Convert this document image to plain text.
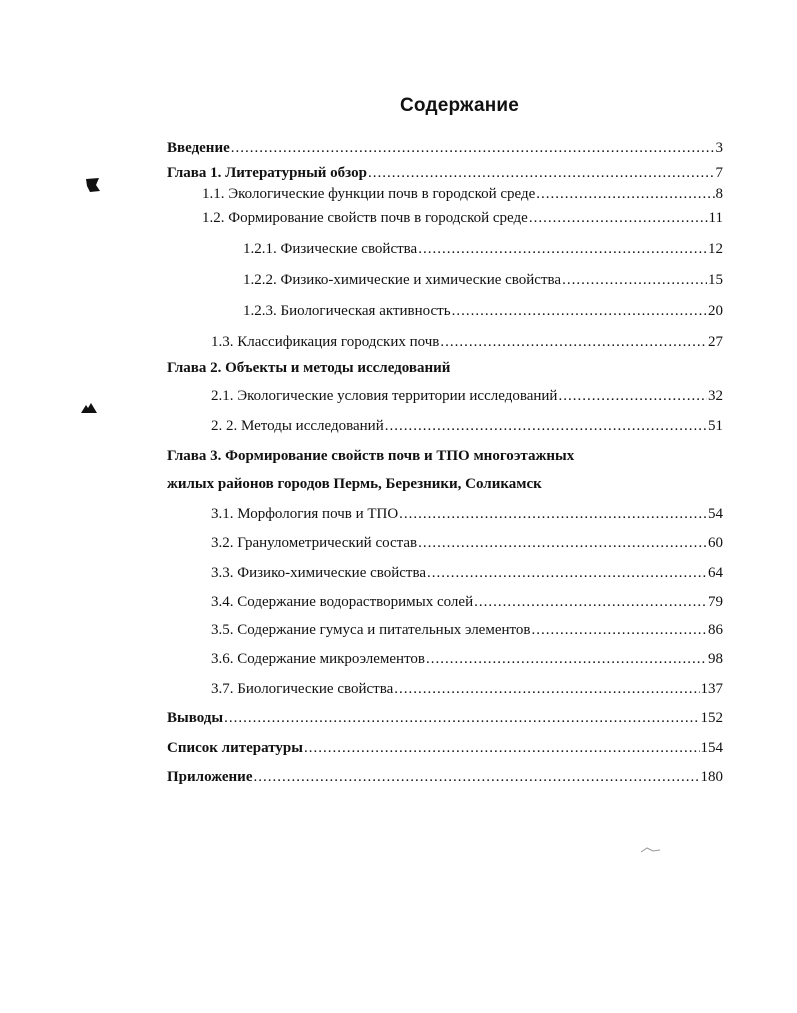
Содержание
Введение .....	3
Глава 1. Литературный обзор .....	7
1.1. Экологические функции почв в городской среде .....	8
1.2. Формирование свойств почв в городской среде .....	11
1.2.1. Физические свойства .....	12
1.2.2. Физико-химические и химические свойства .....	15
1.2.3. Биологическая активность .....	20
1.3. Классификация городских почв .....	27
Глава 2. Объекты и методы исследований
2.1. Экологические условия территории исследований .....	32
2. 2. Методы исследований .....	51
Глава 3. Формирование свойств почв и ТПО многоэтажных
жилых районов городов Пермь, Березники, Соликамск
3.1. Морфология почв и ТПО .....	54
3.2. Гранулометрический состав .....	60
3.3. Физико-химические свойства .....	64
3.4. Содержание водорастворимых солей .....	79
3.5. Содержание гумуса и питательных элементов .....	86
3.6. Содержание микроэлементов .....	98
3.7. Биологические свойства .....	137
Выводы .....	152
Список литературы .....	154
Приложение .....	180
